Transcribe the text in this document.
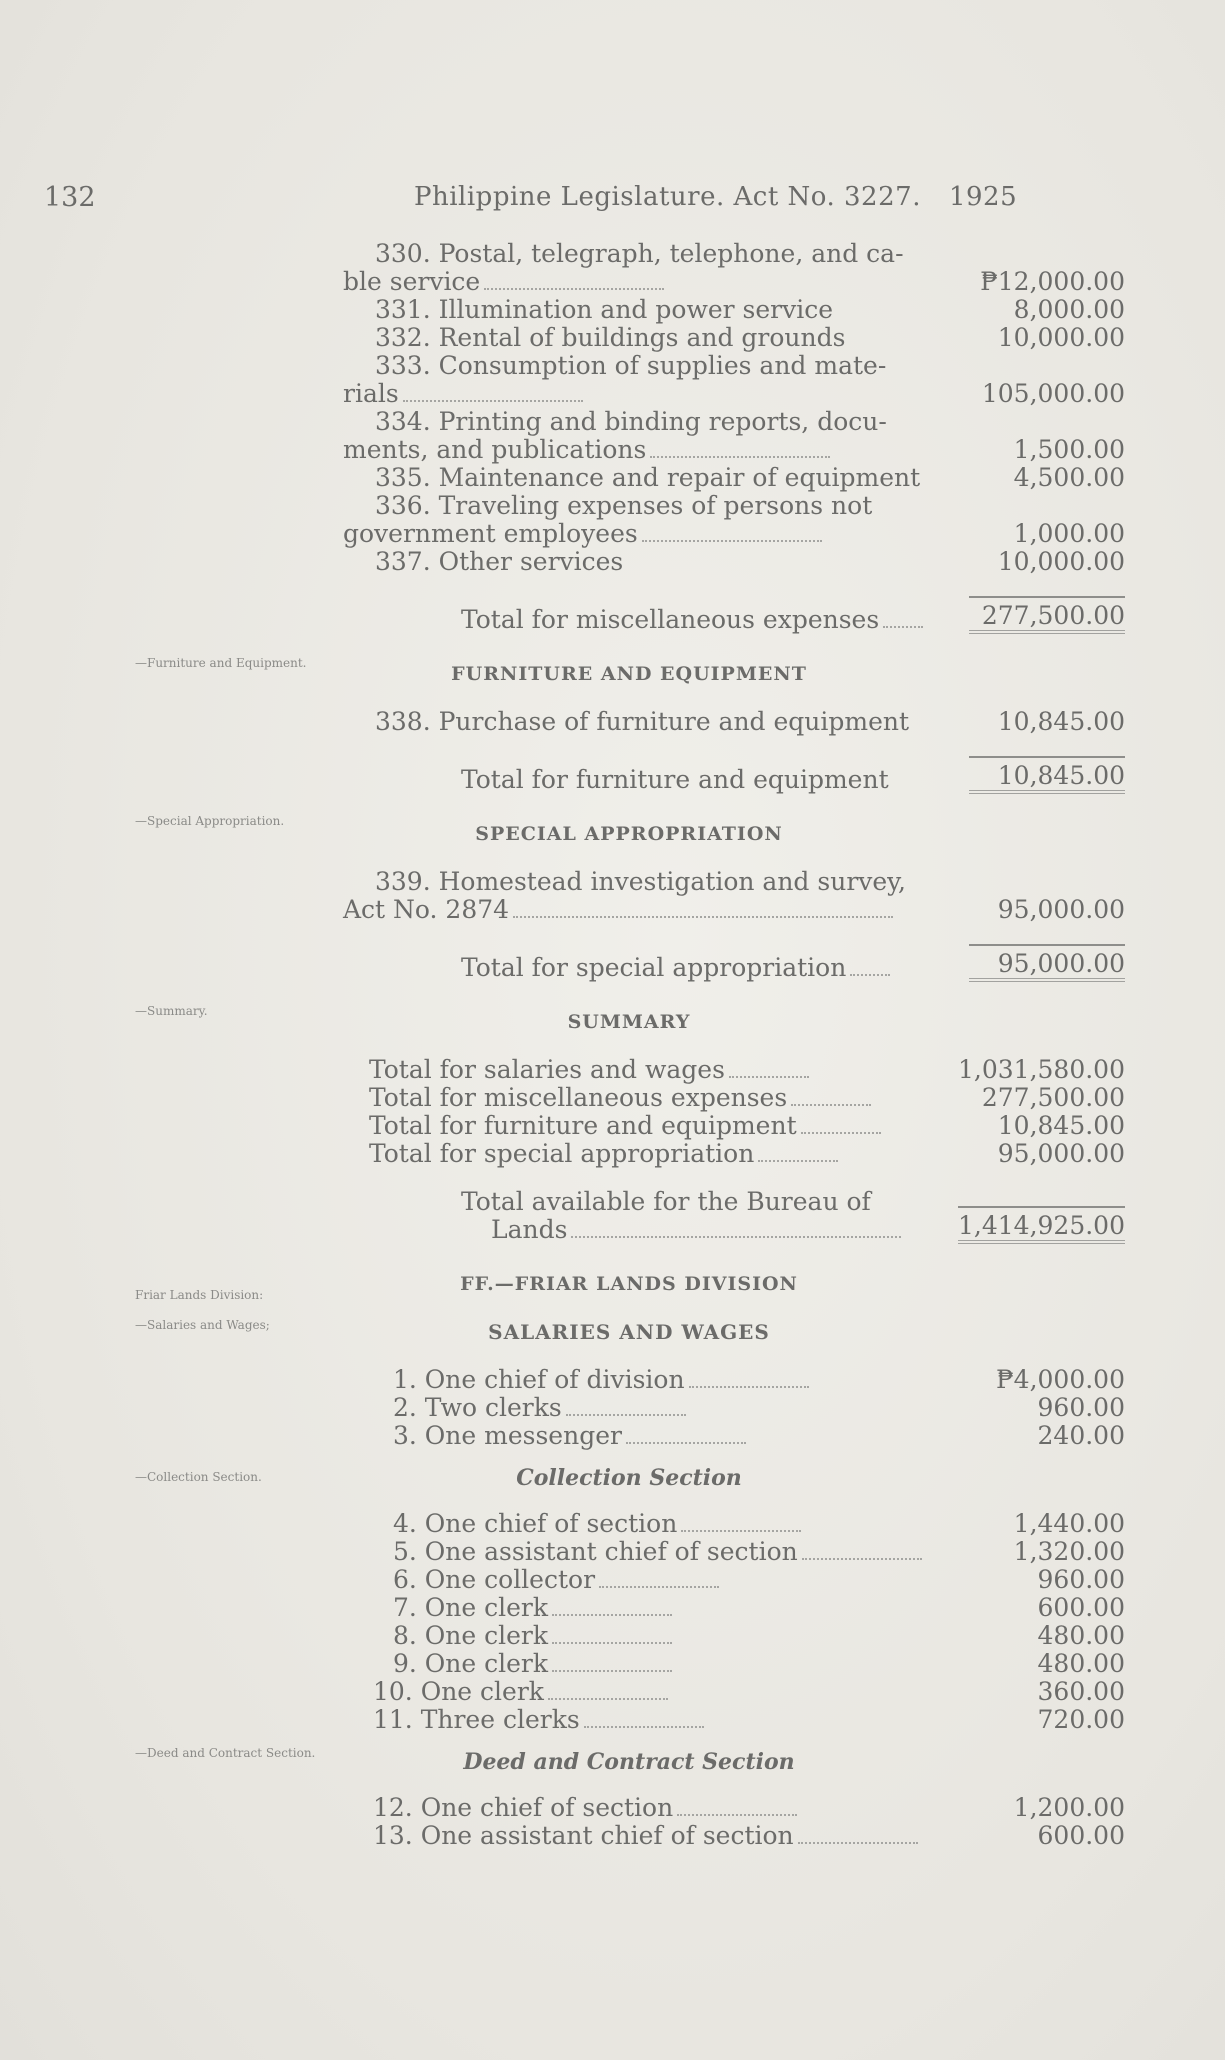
132	Philippine Legislature. Act No. 3227. 1925
—Furniture and Equipment.
—Special Appropriation.
—Summary.
Friar Lands Division:
—Salaries and Wages;
—Collection Section.
—Deed and Contract Section.
330. Postal, telegraph, telephone, and ca-
ble service	₱12,000.00
331. Illumination and power service	8,000.00
332. Rental of buildings and grounds	10,000.00
333. Consumption of supplies and mate-
rials	105,000.00
334. Printing and binding reports, docu-
ments, and publications	1,500.00
335. Maintenance and repair of equipment	4,500.00
336. Traveling expenses of persons not
government employees	1,000.00
337. Other services	10,000.00
Total for miscellaneous expenses	277,500.00
FURNITURE AND EQUIPMENT
338. Purchase of furniture and equipment	10,845.00
Total for furniture and equipment	10,845.00
SPECIAL APPROPRIATION
339. Homestead investigation and survey,
Act No. 2874	95,000.00
Total for special appropriation	95,000.00
SUMMARY
Total for salaries and wages	1,031,580.00
Total for miscellaneous expenses	277,500.00
Total for furniture and equipment	10,845.00
Total for special appropriation	95,000.00
Total available for the Bureau of
Lands	1,414,925.00
FF.—FRIAR LANDS DIVISION
SALARIES AND WAGES
1. One chief of division	₱4,000.00
2. Two clerks	960.00
3. One messenger	240.00
Collection Section
4. One chief of section	1,440.00
5. One assistant chief of section	1,320.00
6. One collector	960.00
7. One clerk	600.00
8. One clerk	480.00
9. One clerk	480.00
10. One clerk	360.00
11. Three clerks	720.00
Deed and Contract Section
12. One chief of section	1,200.00
13. One assistant chief of section	600.00
